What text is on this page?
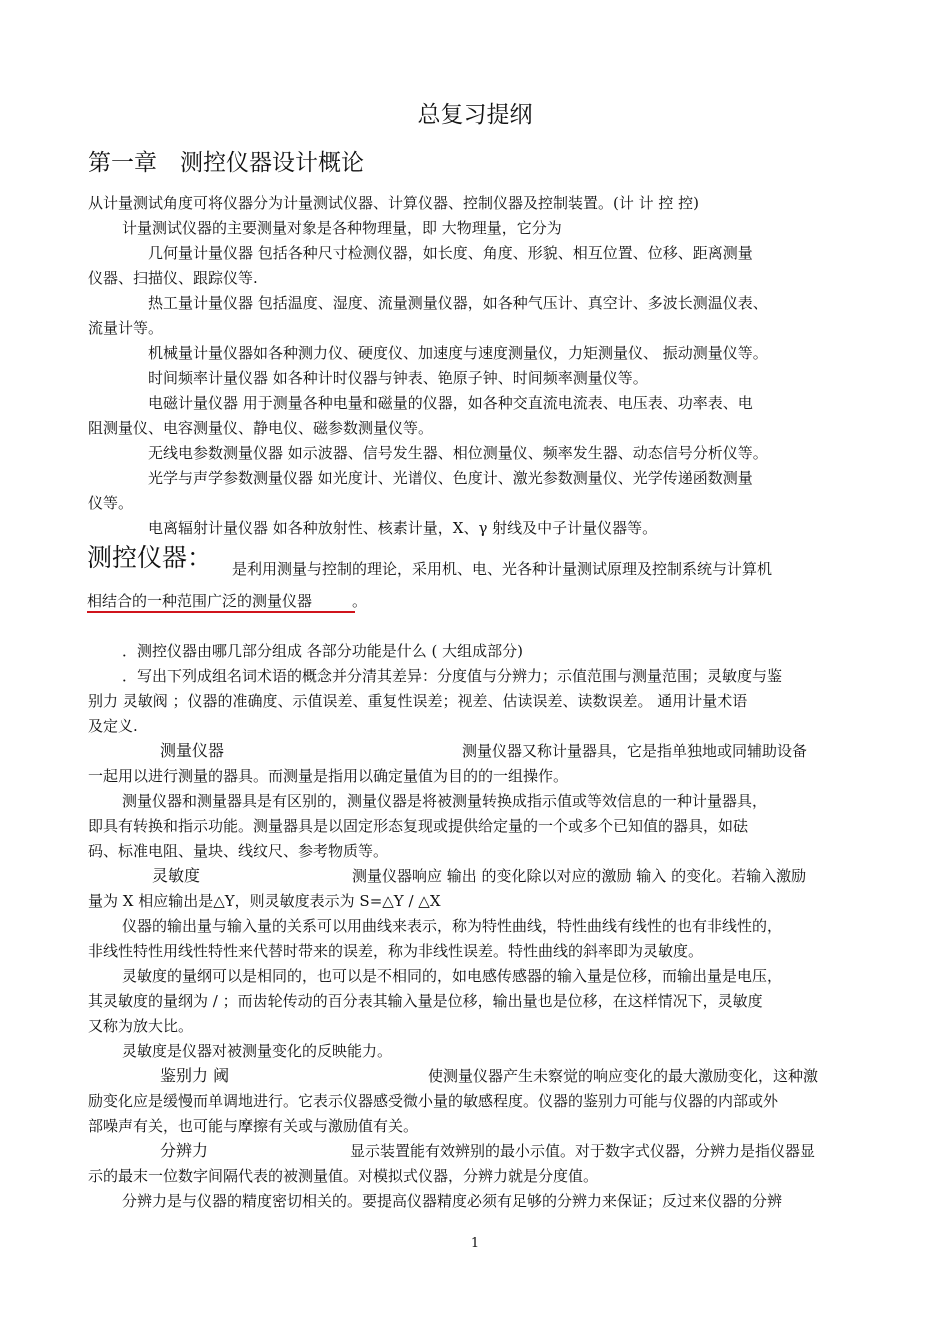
总复习提纲
第一章　测控仪器设计概论
从计量测试角度可将仪器分为计量测试仪器、计算仪器、控制仪器及控制装置。(计 计 控 控)
计量测试仪器的主要测量对象是各种物理量，即 大物理量，它分为
几何量计量仪器 包括各种尺寸检测仪器，如长度、角度、形貌、相互位置、位移、距离测量
仪器、扫描仪、跟踪仪等.
热工量计量仪器 包括温度、湿度、流量测量仪器，如各种气压计、真空计、多波长测温仪表、
流量计等。
机械量计量仪器如各种测力仪、硬度仪、加速度与速度测量仪，力矩测量仪、 振动测量仪等。
时间频率计量仪器 如各种计时仪器与钟表、铯原子钟、时间频率测量仪等。
电磁计量仪器 用于测量各种电量和磁量的仪器，如各种交直流电流表、电压表、功率表、电
阻测量仪、电容测量仪、静电仪、磁参数测量仪等。
无线电参数测量仪器 如示波器、信号发生器、相位测量仪、频率发生器、动态信号分析仪等。
光学与声学参数测量仪器 如光度计、光谱仪、色度计、激光参数测量仪、光学传递函数测量
仪等。
电离辐射计量仪器 如各种放射性、核素计量，X、γ 射线及中子计量仪器等。
测控仪器： 是利用测量与控制的理论，采用机、电、光各种计量测试原理及控制系统与计算机
相结合的一种范围广泛的测量仪器	。
．测控仪器由哪几部分组成 各部分功能是什么 ( 大组成部分)
．写出下列成组名词术语的概念并分清其差异：分度值与分辨力；示值范围与测量范围；灵敏度与鉴
别力 灵敏阀 ；仪器的准确度、示值误差、重复性误差；视差、估读误差、读数误差。 通用计量术语
及定义.
测量仪器	测量仪器又称计量器具，它是指单独地或同辅助设备
一起用以进行测量的器具。而测量是指用以确定量值为目的的一组操作。
测量仪器和测量器具是有区别的，测量仪器是将被测量转换成指示值或等效信息的一种计量器具，
即具有转换和指示功能。测量器具是以固定形态复现或提供给定量的一个或多个已知值的器具，如砝
码、标准电阻、量块、线纹尺、参考物质等。
灵敏度	测量仪器响应 输出 的变化除以对应的激励 输入 的变化。若输入激励
量为 X 相应输出是△Y，则灵敏度表示为 S=△Y / △X
仪器的输出量与输入量的关系可以用曲线来表示，称为特性曲线，特性曲线有线性的也有非线性的，
非线性特性用线性特性来代替时带来的误差，称为非线性误差。特性曲线的斜率即为灵敏度。
灵敏度的量纲可以是相同的，也可以是不相同的，如电感传感器的输入量是位移，而输出量是电压，
其灵敏度的量纲为 / ；而齿轮传动的百分表其输入量是位移，输出量也是位移，在这样情况下，灵敏度
又称为放大比。
灵敏度是仪器对被测量变化的反映能力。
鉴别力 阈	使测量仪器产生未察觉的响应变化的最大激励变化，这种激
励变化应是缓慢而单调地进行。它表示仪器感受微小量的敏感程度。仪器的鉴别力可能与仪器的内部或外
部噪声有关，也可能与摩擦有关或与激励值有关。
分辨力	显示装置能有效辨别的最小示值。对于数字式仪器，分辨力是指仪器显
示的最末一位数字间隔代表的被测量值。对模拟式仪器，分辨力就是分度值。
分辨力是与仪器的精度密切相关的。要提高仪器精度必须有足够的分辨力来保证；反过来仪器的分辨
1
